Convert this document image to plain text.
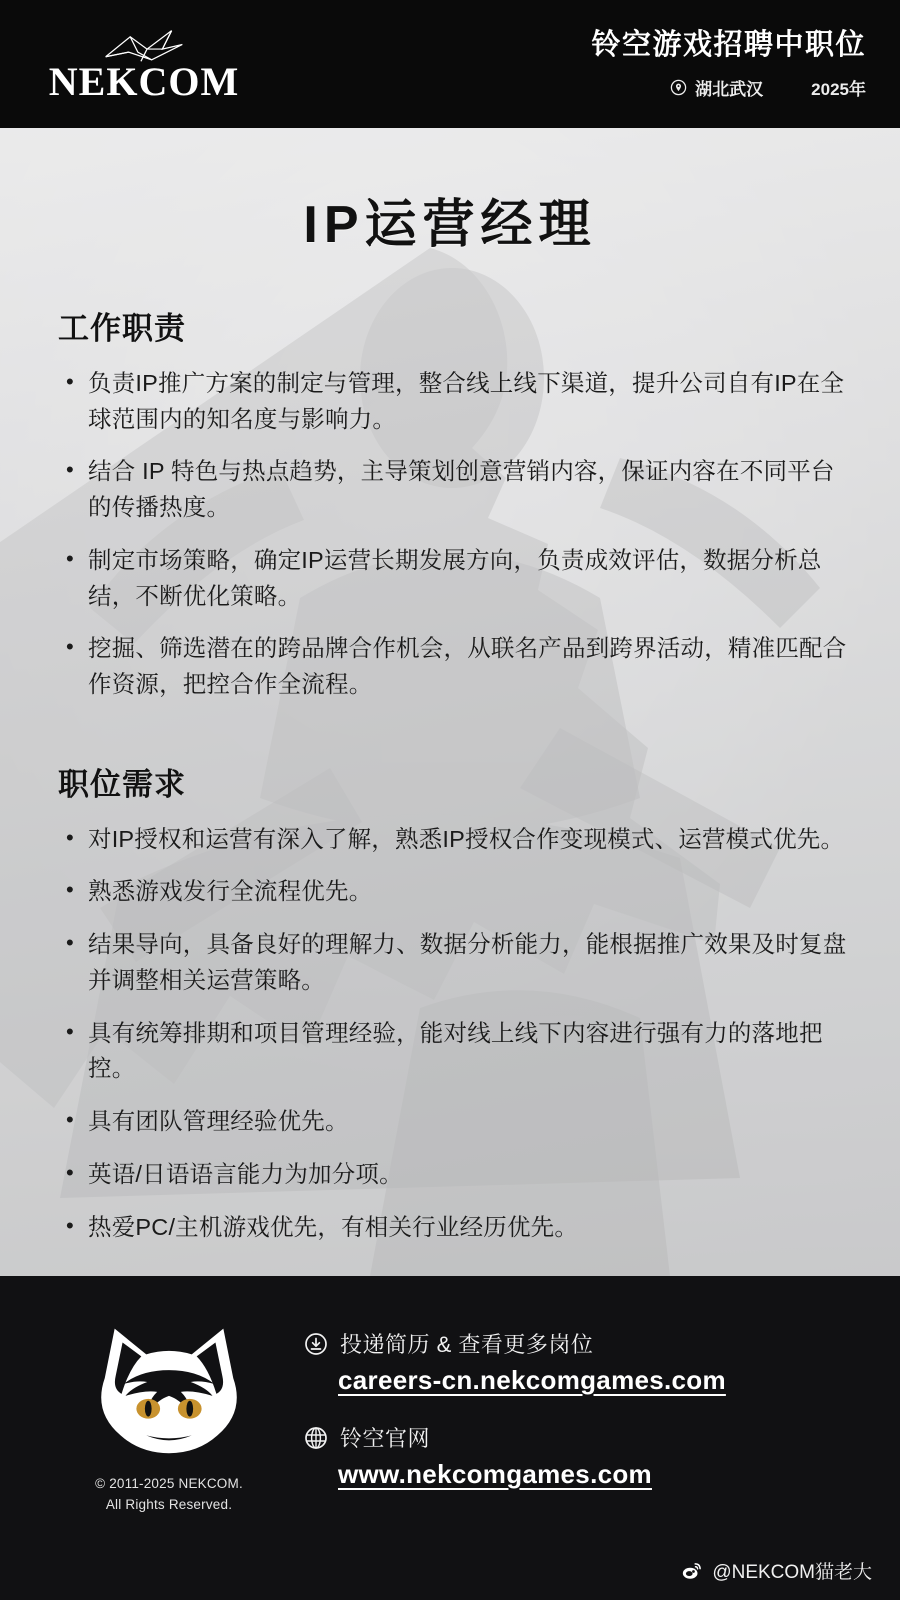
NEKCOM
铃空游戏招聘中职位
湖北武汉	2025年
IP运营经理
工作职责
• 负责IP推广方案的制定与管理，整合线上线下渠道，提升公司自有IP在全球范围内的知名度与影响力。
• 结合 IP 特色与热点趋势，主导策划创意营销内容，保证内容在不同平台的传播热度。
• 制定市场策略，确定IP运营长期发展方向，负责成效评估，数据分析总结，不断优化策略。
• 挖掘、筛选潜在的跨品牌合作机会，从联名产品到跨界活动，精准匹配合作资源，把控合作全流程。
职位需求
• 对IP授权和运营有深入了解，熟悉IP授权合作变现模式、运营模式优先。
• 熟悉游戏发行全流程优先。
• 结果导向，具备良好的理解力、数据分析能力，能根据推广效果及时复盘并调整相关运营策略。
• 具有统筹排期和项目管理经验，能对线上线下内容进行强有力的落地把控。
• 具有团队管理经验优先。
• 英语/日语语言能力为加分项。
• 热爱PC/主机游戏优先，有相关行业经历优先。
© 2011-2025 NEKCOM.
All Rights Reserved.
投递简历 & 查看更多岗位
careers-cn.nekcomgames.com
铃空官网
www.nekcomgames.com
@NEKCOM猫老大
